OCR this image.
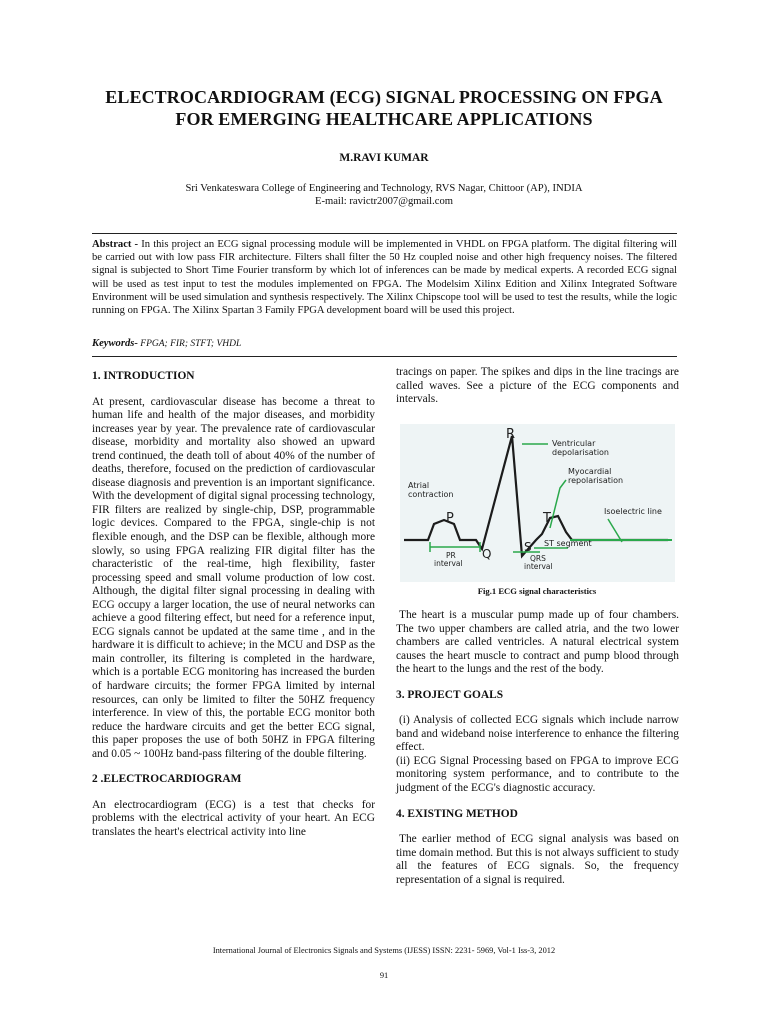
ELECTROCARDIOGRAM (ECG) SIGNAL PROCESSING ON FPGA
FOR EMERGING HEALTHCARE APPLICATIONS
M.RAVI KUMAR
Sri Venkateswara College of Engineering and Technology, RVS Nagar, Chittoor (AP), INDIA
E-mail: ravictr2007@gmail.com

Abstract - In this project an ECG signal processing module will be implemented in VHDL on FPGA platform. The digital filtering will be carried out with low pass FIR architecture. Filters shall filter the 50 Hz coupled noise and other high frequency noises. The filtered signal is subjected to Short Time Fourier transform by which lot of inferences can be made by medical experts. A recorded ECG signal will be used as test input to test the modules implemented on FPGA. The Modelsim Xilinx Edition and Xilinx Integrated Software Environment will be used simulation and synthesis respectively. The Xilinx Chipscope tool will be used to test the results, while the logic running on FPGA. The Xilinx Spartan 3 Family FPGA development board will be used this project.

Keywords- FPGA; FIR; STFT; VHDL

1. INTRODUCTION

At present, cardiovascular disease has become a threat to human life and health of the major diseases, and morbidity increases year by year. The prevalence rate of cardiovascular disease, morbidity and mortality also showed an upward trend continued, the death toll of about 40% of the number of deaths, therefore, focused on the prediction of cardiovascular disease diagnosis and prevention is an important significance. With the development of digital signal processing technology, FIR filters are realized by single-chip, DSP, programmable logic devices. Compared to the FPGA, single-chip is not flexible enough, and the DSP can be flexible, although more slowly, so using FPGA realizing FIR digital filter has the characteristic of the real-time, high flexibility, faster processing speed and small volume production of low cost. Although, the digital filter signal processing in dealing with ECG occupy a larger location, the use of neural networks can achieve a good filtering effect, but need for a reference input, ECG signals cannot be updated at the same time , and in the hardware it is difficult to achieve; in the MCU and DSP as the main controller, its filtering is completed in the hardware, which is a portable ECG monitoring has increased the burden of hardware circuits; the former FPGA limited by internal resources, can only be limited to filter the 50HZ frequency interference. In view of this, the portable ECG monitor both reduce the hardware circuits and get the better ECG signal, this paper proposes the use of both 50HZ in FPGA filtering and 0.05 ~ 100Hz band-pass filtering of the double filtering.

2 .ELECTROCARDIOGRAM

An electrocardiogram (ECG) is a test that checks for problems with the electrical activity of your heart. An ECG translates the heart's electrical activity into line

tracings on paper. The spikes and dips in the line tracings are called waves. See a picture of the ECG components and intervals.

R
Ventricular
depolarisation
Atrial
contraction
Myocardial
repolarisation
Isoelectric line
P	T
PR
interval
Q	S ST segment
QRS
interval
Fig.1 ECG signal characteristics

The heart is a muscular pump made up of four chambers. The two upper chambers are called atria, and the two lower chambers are called ventricles. A natural electrical system causes the heart muscle to contract and pump blood through the heart to the lungs and the rest of the body.

3. PROJECT GOALS

(i) Analysis of collected ECG signals which include narrow band and wideband noise interference to enhance the filtering effect.

(ii) ECG Signal Processing based on FPGA to improve ECG monitoring system performance, and to contribute to the judgment of the ECG's diagnostic accuracy.

4. EXISTING METHOD

The earlier method of ECG signal analysis was based on time domain method. But this is not always sufficient to study all the features of ECG signals. So, the frequency representation of a signal is required.

International Journal of Electronics Signals and Systems (IJESS) ISSN: 2231- 5969, Vol-1 Iss-3, 2012
91
